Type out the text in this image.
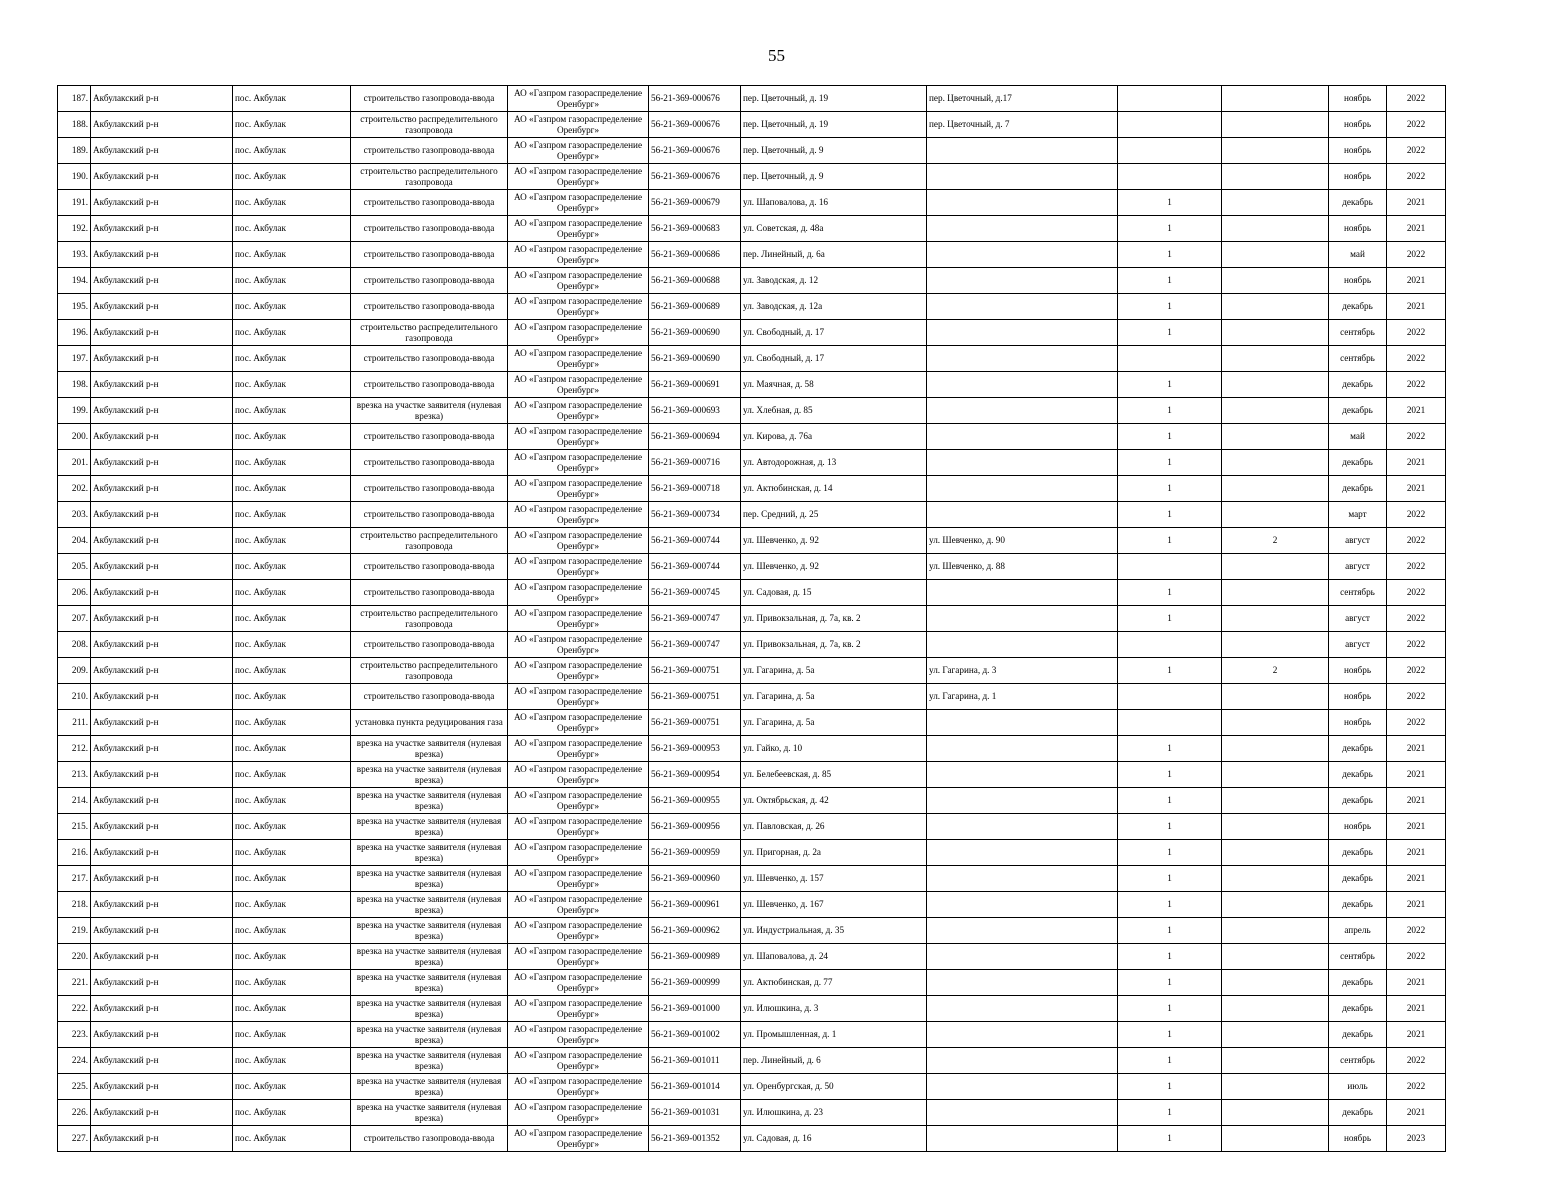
55
187.	Акбулакский р-н	пос. Акбулак	строительство газопровода-ввода	АО «Газпром газораспределение Оренбург»	56-21-369-000676	пер. Цветочный, д. 19	пер. Цветочный, д.17			ноябрь	2022
188.	Акбулакский р-н	пос. Акбулак	строительство распределительного газопровода	АО «Газпром газораспределение Оренбург»	56-21-369-000676	пер. Цветочный, д. 19	пер. Цветочный, д. 7			ноябрь	2022
189.	Акбулакский р-н	пос. Акбулак	строительство газопровода-ввода	АО «Газпром газораспределение Оренбург»	56-21-369-000676	пер. Цветочный, д. 9				ноябрь	2022
190.	Акбулакский р-н	пос. Акбулак	строительство распределительного газопровода	АО «Газпром газораспределение Оренбург»	56-21-369-000676	пер. Цветочный, д. 9				ноябрь	2022
191.	Акбулакский р-н	пос. Акбулак	строительство газопровода-ввода	АО «Газпром газораспределение Оренбург»	56-21-369-000679	ул. Шаповалова, д. 16		1		декабрь	2021
192.	Акбулакский р-н	пос. Акбулак	строительство газопровода-ввода	АО «Газпром газораспределение Оренбург»	56-21-369-000683	ул. Советская, д. 48а		1		ноябрь	2021
193.	Акбулакский р-н	пос. Акбулак	строительство газопровода-ввода	АО «Газпром газораспределение Оренбург»	56-21-369-000686	пер. Линейный, д. 6а		1		май	2022
194.	Акбулакский р-н	пос. Акбулак	строительство газопровода-ввода	АО «Газпром газораспределение Оренбург»	56-21-369-000688	ул. Заводская, д. 12		1		ноябрь	2021
195.	Акбулакский р-н	пос. Акбулак	строительство газопровода-ввода	АО «Газпром газораспределение Оренбург»	56-21-369-000689	ул. Заводская, д. 12а		1		декабрь	2021
196.	Акбулакский р-н	пос. Акбулак	строительство распределительного газопровода	АО «Газпром газораспределение Оренбург»	56-21-369-000690	ул. Свободный, д. 17		1		сентябрь	2022
197.	Акбулакский р-н	пос. Акбулак	строительство газопровода-ввода	АО «Газпром газораспределение Оренбург»	56-21-369-000690	ул. Свободный, д. 17				сентябрь	2022
198.	Акбулакский р-н	пос. Акбулак	строительство газопровода-ввода	АО «Газпром газораспределение Оренбург»	56-21-369-000691	ул. Маячная, д. 58		1		декабрь	2022
199.	Акбулакский р-н	пос. Акбулак	врезка на участке заявителя (нулевая врезка)	АО «Газпром газораспределение Оренбург»	56-21-369-000693	ул. Хлебная, д. 85		1		декабрь	2021
200.	Акбулакский р-н	пос. Акбулак	строительство газопровода-ввода	АО «Газпром газораспределение Оренбург»	56-21-369-000694	ул. Кирова, д. 76а		1		май	2022
201.	Акбулакский р-н	пос. Акбулак	строительство газопровода-ввода	АО «Газпром газораспределение Оренбург»	56-21-369-000716	ул. Автодорожная, д. 13		1		декабрь	2021
202.	Акбулакский р-н	пос. Акбулак	строительство газопровода-ввода	АО «Газпром газораспределение Оренбург»	56-21-369-000718	ул. Актюбинская, д. 14		1		декабрь	2021
203.	Акбулакский р-н	пос. Акбулак	строительство газопровода-ввода	АО «Газпром газораспределение Оренбург»	56-21-369-000734	пер. Средний, д. 25		1		март	2022
204.	Акбулакский р-н	пос. Акбулак	строительство распределительного газопровода	АО «Газпром газораспределение Оренбург»	56-21-369-000744	ул. Шевченко, д. 92	ул. Шевченко, д. 90	1	2	август	2022
205.	Акбулакский р-н	пос. Акбулак	строительство газопровода-ввода	АО «Газпром газораспределение Оренбург»	56-21-369-000744	ул. Шевченко, д. 92	ул. Шевченко, д. 88			август	2022
206.	Акбулакский р-н	пос. Акбулак	строительство газопровода-ввода	АО «Газпром газораспределение Оренбург»	56-21-369-000745	ул. Садовая, д. 15		1		сентябрь	2022
207.	Акбулакский р-н	пос. Акбулак	строительство распределительного газопровода	АО «Газпром газораспределение Оренбург»	56-21-369-000747	ул. Привокзальная, д. 7а, кв. 2		1		август	2022
208.	Акбулакский р-н	пос. Акбулак	строительство газопровода-ввода	АО «Газпром газораспределение Оренбург»	56-21-369-000747	ул. Привокзальная, д. 7а, кв. 2				август	2022
209.	Акбулакский р-н	пос. Акбулак	строительство распределительного газопровода	АО «Газпром газораспределение Оренбург»	56-21-369-000751	ул. Гагарина, д. 5а	ул. Гагарина, д. 3	1	2	ноябрь	2022
210.	Акбулакский р-н	пос. Акбулак	строительство газопровода-ввода	АО «Газпром газораспределение Оренбург»	56-21-369-000751	ул. Гагарина, д. 5а	ул. Гагарина, д. 1			ноябрь	2022
211.	Акбулакский р-н	пос. Акбулак	установка пункта редуцирования газа	АО «Газпром газораспределение Оренбург»	56-21-369-000751	ул. Гагарина, д. 5а				ноябрь	2022
212.	Акбулакский р-н	пос. Акбулак	врезка на участке заявителя (нулевая врезка)	АО «Газпром газораспределение Оренбург»	56-21-369-000953	ул. Гайко, д. 10		1		декабрь	2021
213.	Акбулакский р-н	пос. Акбулак	врезка на участке заявителя (нулевая врезка)	АО «Газпром газораспределение Оренбург»	56-21-369-000954	ул. Белебеевская, д. 85		1		декабрь	2021
214.	Акбулакский р-н	пос. Акбулак	врезка на участке заявителя (нулевая врезка)	АО «Газпром газораспределение Оренбург»	56-21-369-000955	ул. Октябрьская, д. 42		1		декабрь	2021
215.	Акбулакский р-н	пос. Акбулак	врезка на участке заявителя (нулевая врезка)	АО «Газпром газораспределение Оренбург»	56-21-369-000956	ул. Павловская, д. 26		1		ноябрь	2021
216.	Акбулакский р-н	пос. Акбулак	врезка на участке заявителя (нулевая врезка)	АО «Газпром газораспределение Оренбург»	56-21-369-000959	ул. Пригорная, д. 2а		1		декабрь	2021
217.	Акбулакский р-н	пос. Акбулак	врезка на участке заявителя (нулевая врезка)	АО «Газпром газораспределение Оренбург»	56-21-369-000960	ул. Шевченко, д. 157		1		декабрь	2021
218.	Акбулакский р-н	пос. Акбулак	врезка на участке заявителя (нулевая врезка)	АО «Газпром газораспределение Оренбург»	56-21-369-000961	ул. Шевченко, д. 167		1		декабрь	2021
219.	Акбулакский р-н	пос. Акбулак	врезка на участке заявителя (нулевая врезка)	АО «Газпром газораспределение Оренбург»	56-21-369-000962	ул. Индустриальная, д. 35		1		апрель	2022
220.	Акбулакский р-н	пос. Акбулак	врезка на участке заявителя (нулевая врезка)	АО «Газпром газораспределение Оренбург»	56-21-369-000989	ул. Шаповалова, д. 24		1		сентябрь	2022
221.	Акбулакский р-н	пос. Акбулак	врезка на участке заявителя (нулевая врезка)	АО «Газпром газораспределение Оренбург»	56-21-369-000999	ул. Актюбинская, д. 77		1		декабрь	2021
222.	Акбулакский р-н	пос. Акбулак	врезка на участке заявителя (нулевая врезка)	АО «Газпром газораспределение Оренбург»	56-21-369-001000	ул. Илюшкина, д. 3		1		декабрь	2021
223.	Акбулакский р-н	пос. Акбулак	врезка на участке заявителя (нулевая врезка)	АО «Газпром газораспределение Оренбург»	56-21-369-001002	ул. Промышленная, д. 1		1		декабрь	2021
224.	Акбулакский р-н	пос. Акбулак	врезка на участке заявителя (нулевая врезка)	АО «Газпром газораспределение Оренбург»	56-21-369-001011	пер. Линейный, д. 6		1		сентябрь	2022
225.	Акбулакский р-н	пос. Акбулак	врезка на участке заявителя (нулевая врезка)	АО «Газпром газораспределение Оренбург»	56-21-369-001014	ул. Оренбургская, д. 50		1		июль	2022
226.	Акбулакский р-н	пос. Акбулак	врезка на участке заявителя (нулевая врезка)	АО «Газпром газораспределение Оренбург»	56-21-369-001031	ул. Илюшкина, д. 23		1		декабрь	2021
227.	Акбулакский р-н	пос. Акбулак	строительство газопровода-ввода	АО «Газпром газораспределение Оренбург»	56-21-369-001352	ул. Садовая, д. 16		1		ноябрь	2023
